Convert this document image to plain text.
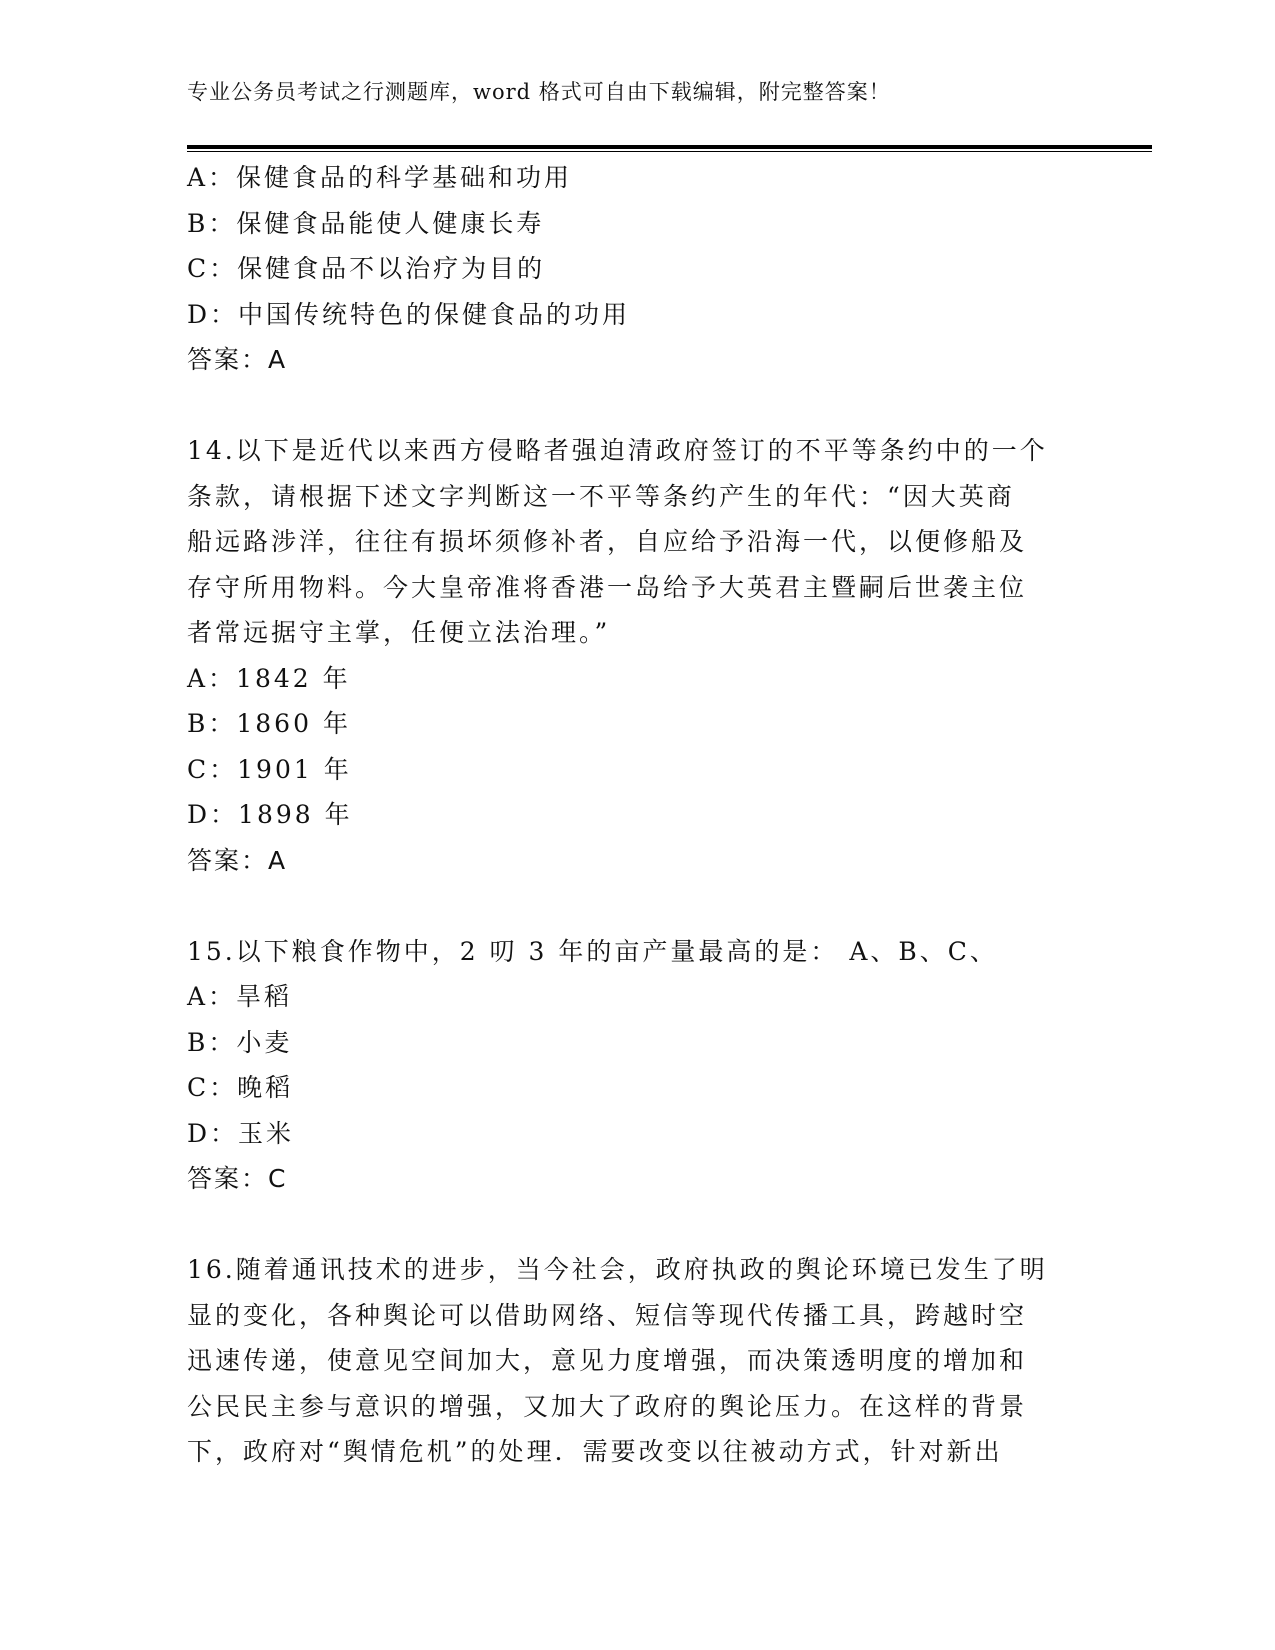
专业公务员考试之行测题库，word 格式可自由下载编辑，附完整答案！
A：保健食品的科学基础和功用
B：保健食品能使人健康长寿
C：保健食品不以治疗为目的
D：中国传统特色的保健食品的功用
答案：A
14.以下是近代以来西方侵略者强迫清政府签订的不平等条约中的一个
条款，请根据下述文字判断这一不平等条约产生的年代：“因大英商
船远路涉洋，往往有损坏须修补者，自应给予沿海一代，以便修船及
存守所用物料。今大皇帝准将香港一岛给予大英君主暨嗣后世袭主位
者常远据守主掌，任便立法治理。”
A：1842 年
B：1860 年
C：1901 年
D：1898 年
答案：A
15.以下粮食作物中，2 叨 3 年的亩产量最高的是： A、B、C、
A：旱稻
B：小麦
C：晚稻
D：玉米
答案：C
16.随着通讯技术的进步，当今社会，政府执政的舆论环境已发生了明
显的变化，各种舆论可以借助网络、短信等现代传播工具，跨越时空
迅速传递，使意见空间加大，意见力度增强，而决策透明度的增加和
公民民主参与意识的增强，又加大了政府的舆论压力。在这样的背景
下，政府对“舆情危机”的处理．需要改变以往被动方式，针对新出
